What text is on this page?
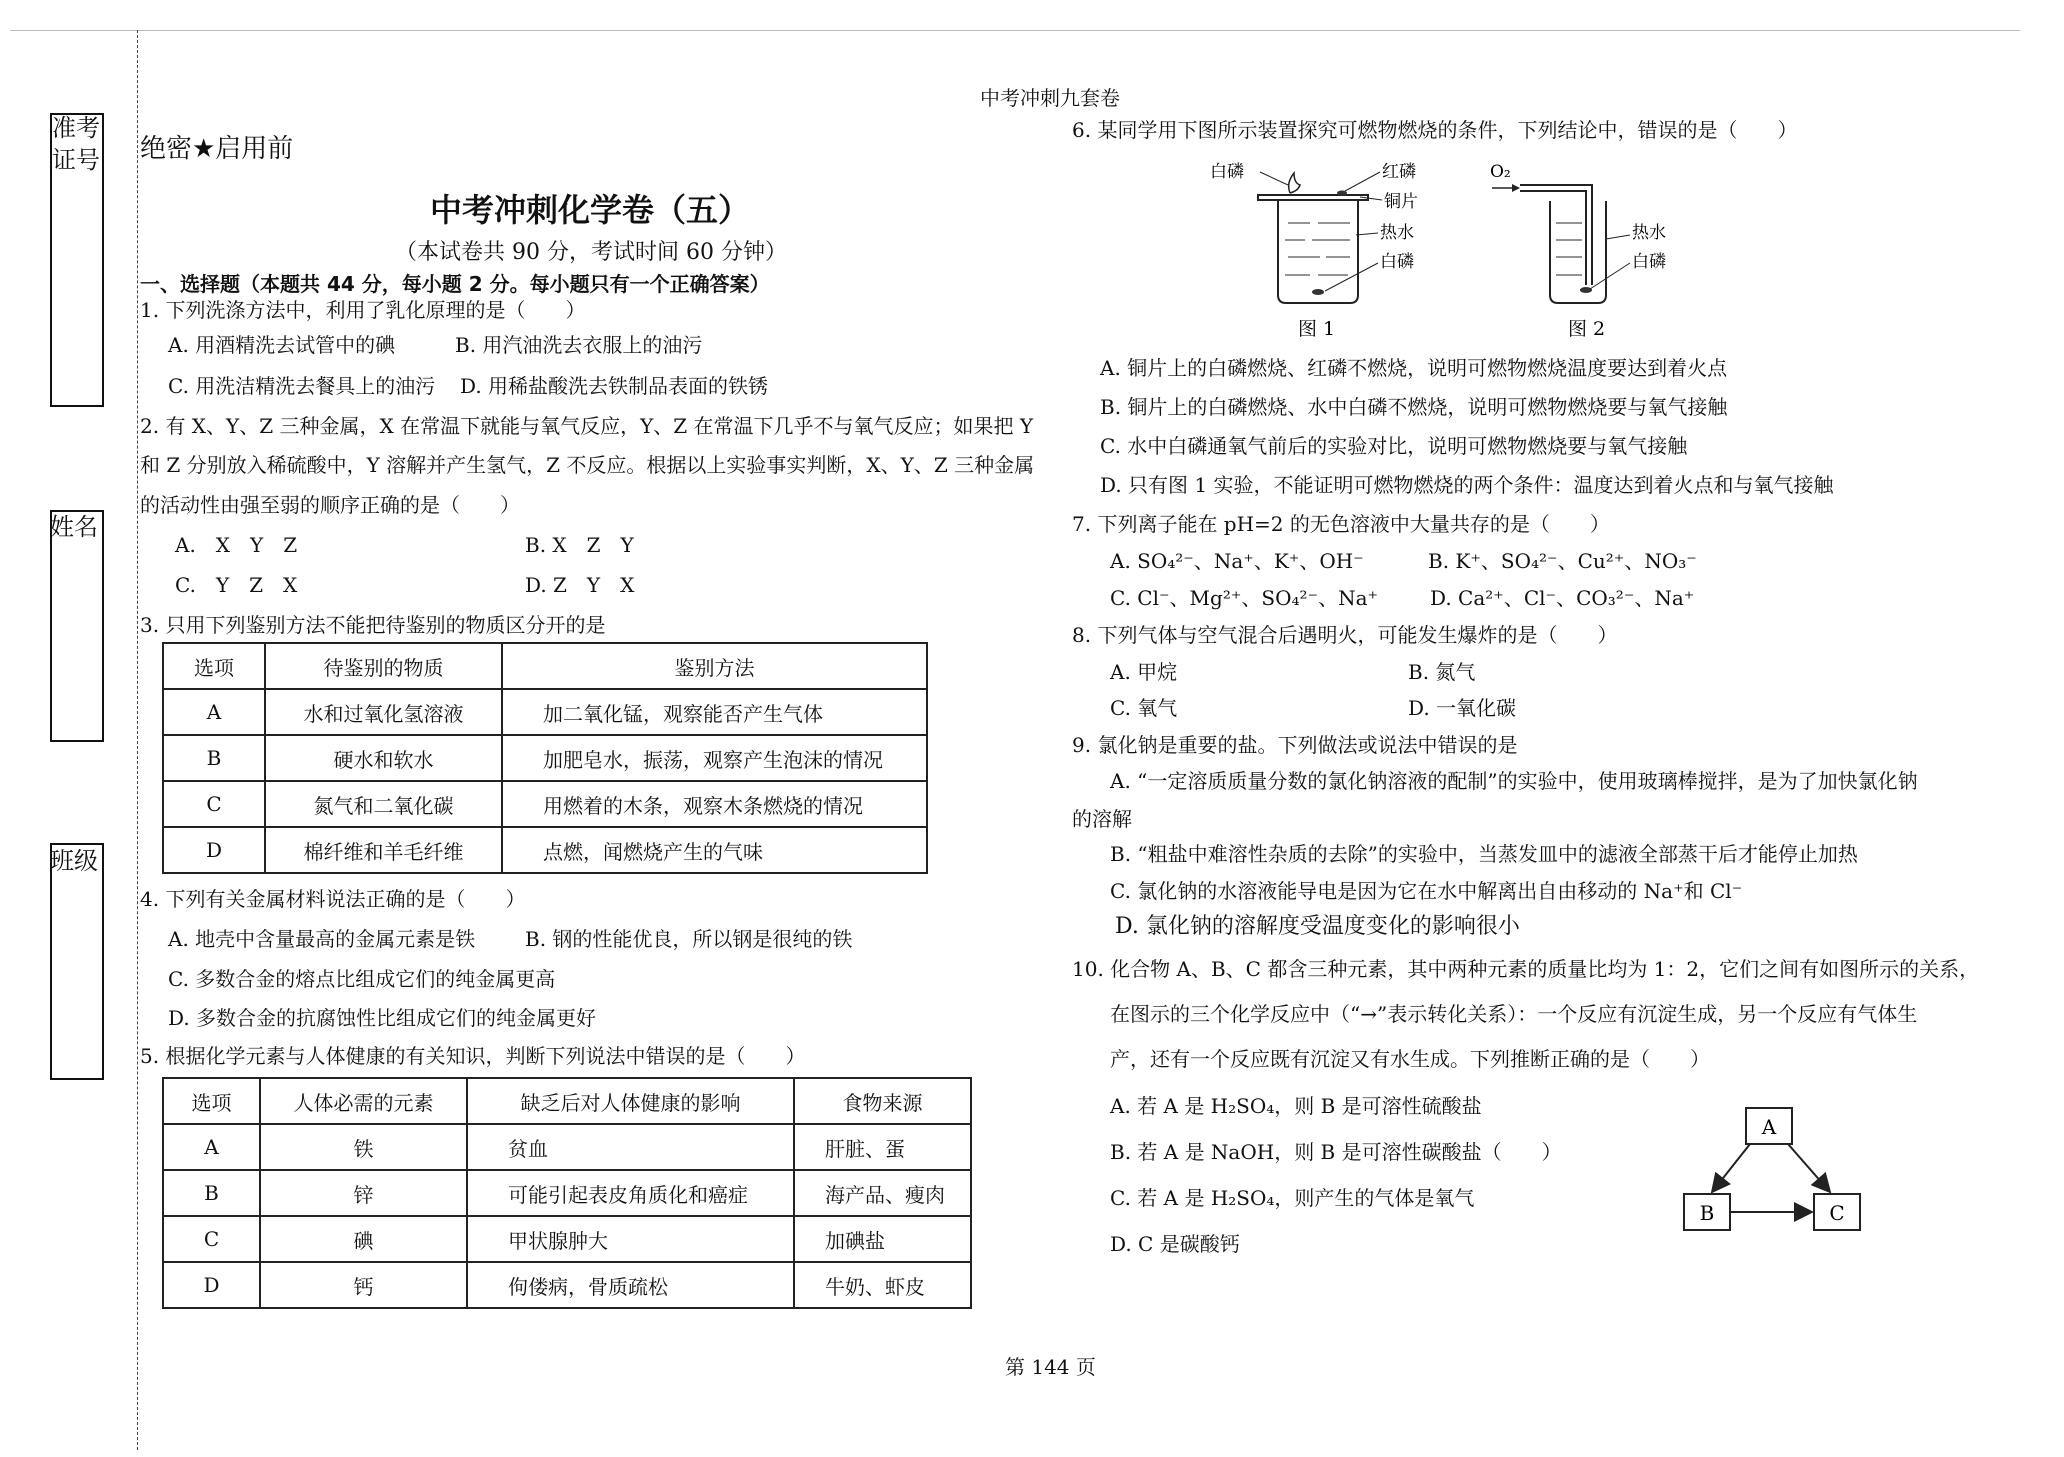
准考
证号
姓名
班级
中考冲刺九套卷
绝密★启用前
中考冲刺化学卷（五）
（本试卷共 90 分，考试时间 60 分钟）
一、选择题（本题共 44 分，每小题 2 分。每小题只有一个正确答案）
1. 下列洗涤方法中，利用了乳化原理的是（　　）
A. 用酒精洗去试管中的碘	B. 用汽油洗去衣服上的油污
C. 用洗洁精洗去餐具上的油污 D. 用稀盐酸洗去铁制品表面的铁锈
2. 有 X、Y、Z 三种金属，X 在常温下就能与氧气反应，Y、Z 在常温下几乎不与氧气反应；如果把 Y
和 Z 分别放入稀硫酸中，Y 溶解并产生氢气，Z 不反应。根据以上实验事实判断，X、Y、Z 三种金属
的活动性由强至弱的顺序正确的是（　　）
A.　X　Y　Z	B. X　Z　Y
C.　Y　Z　X	D. Z　Y　X
3. 只用下列鉴别方法不能把待鉴别的物质区分开的是
选项	待鉴别的物质	鉴别方法
A	水和过氧化氢溶液	加二氧化锰，观察能否产生气体
B	硬水和软水	加肥皂水，振荡，观察产生泡沫的情况
C	氮气和二氧化碳	用燃着的木条，观察木条燃烧的情况
D	棉纤维和羊毛纤维	点燃，闻燃烧产生的气味
4. 下列有关金属材料说法正确的是（　　）
A. 地壳中含量最高的金属元素是铁 B. 钢的性能优良，所以钢是很纯的铁
C. 多数合金的熔点比组成它们的纯金属更高
D. 多数合金的抗腐蚀性比组成它们的纯金属更好
5. 根据化学元素与人体健康的有关知识，判断下列说法中错误的是（　　）
选项	人体必需的元素	缺乏后对人体健康的影响	食物来源
A	铁	贫血	肝脏、蛋
B	锌	可能引起表皮角质化和癌症	海产品、瘦肉
C	碘	甲状腺肿大	加碘盐
D	钙	佝偻病，骨质疏松	牛奶、虾皮
6. 某同学用下图所示装置探究可燃物燃烧的条件，下列结论中，错误的是（　　）
白磷	红磷
铜片
热水
白磷
图 1
O₂
热水
白磷
图 2
A. 铜片上的白磷燃烧、红磷不燃烧，说明可燃物燃烧温度要达到着火点
B. 铜片上的白磷燃烧、水中白磷不燃烧，说明可燃物燃烧要与氧气接触
C. 水中白磷通氧气前后的实验对比，说明可燃物燃烧要与氧气接触
D. 只有图 1 实验，不能证明可燃物燃烧的两个条件：温度达到着火点和与氧气接触
7. 下列离子能在 pH=2 的无色溶液中大量共存的是（　　）
A. SO₄²⁻、Na⁺、K⁺、OH⁻	B. K⁺、SO₄²⁻、Cu²⁺、NO₃⁻
C. Cl⁻、Mg²⁺、SO₄²⁻、Na⁺	D. Ca²⁺、Cl⁻、CO₃²⁻、Na⁺
8. 下列气体与空气混合后遇明火，可能发生爆炸的是（　　）
A. 甲烷	B. 氮气
C. 氧气	D. 一氧化碳
9. 氯化钠是重要的盐。下列做法或说法中错误的是
A. “一定溶质质量分数的氯化钠溶液的配制”的实验中，使用玻璃棒搅拌，是为了加快氯化钠
的溶解
B. “粗盐中难溶性杂质的去除”的实验中，当蒸发皿中的滤液全部蒸干后才能停止加热
C. 氯化钠的水溶液能导电是因为它在水中解离出自由移动的 Na⁺和 Cl⁻
D. 氯化钠的溶解度受温度变化的影响很小
10. 化合物 A、B、C 都含三种元素，其中两种元素的质量比均为 1：2，它们之间有如图所示的关系，
在图示的三个化学反应中（“→”表示转化关系）：一个反应有沉淀生成，另一个反应有气体生
产，还有一个反应既有沉淀又有水生成。下列推断正确的是（　　）
A. 若 A 是 H₂SO₄，则 B 是可溶性硫酸盐
B. 若 A 是 NaOH，则 B 是可溶性碳酸盐（　　）
C. 若 A 是 H₂SO₄，则产生的气体是氧气
D. C 是碳酸钙
A
B	C
第 144 页
